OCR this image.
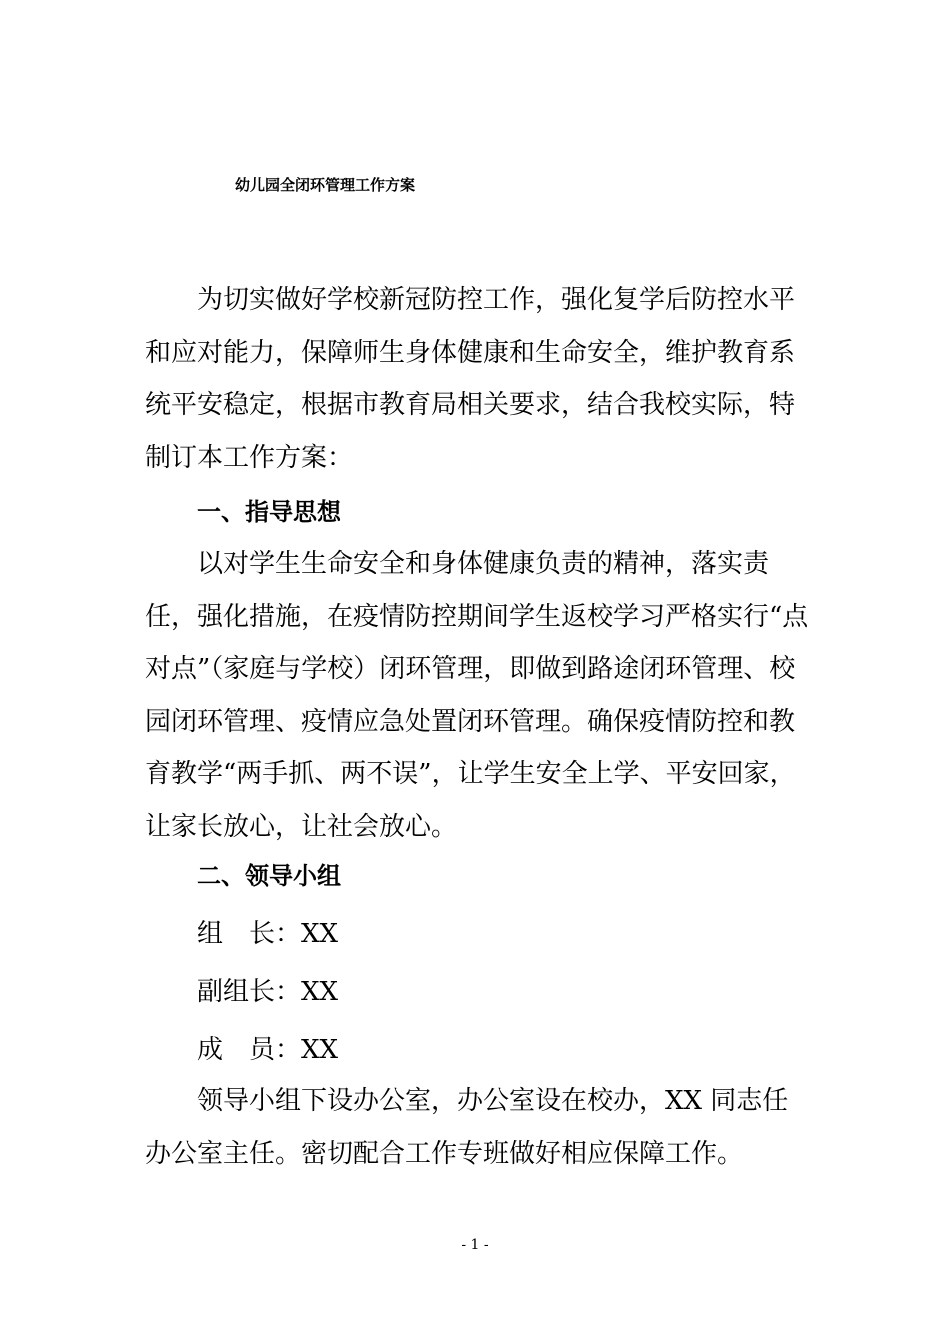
幼儿园全闭环管理工作方案

为切实做好学校新冠防控工作，强化复学后防控水平和应对能力，保障师生身体健康和生命安全，维护教育系统平安稳定，根据市教育局相关要求，结合我校实际，特制订本工作方案：

一、指导思想

以对学生生命安全和身体健康负责的精神，落实责任，强化措施，在疫情防控期间学生返校学习严格实行“点对点”（家庭与学校）闭环管理，即做到路途闭环管理、校园闭环管理、疫情应急处置闭环管理。确保疫情防控和教育教学“两手抓、两不误”，让学生安全上学、平安回家，让家长放心，让社会放心。

二、领导小组
组　长：XX
副组长：XX
成　员：XX

领导小组下设办公室，办公室设在校办，XX 同志任办公室主任。密切配合工作专班做好相应保障工作。

- 1 -
